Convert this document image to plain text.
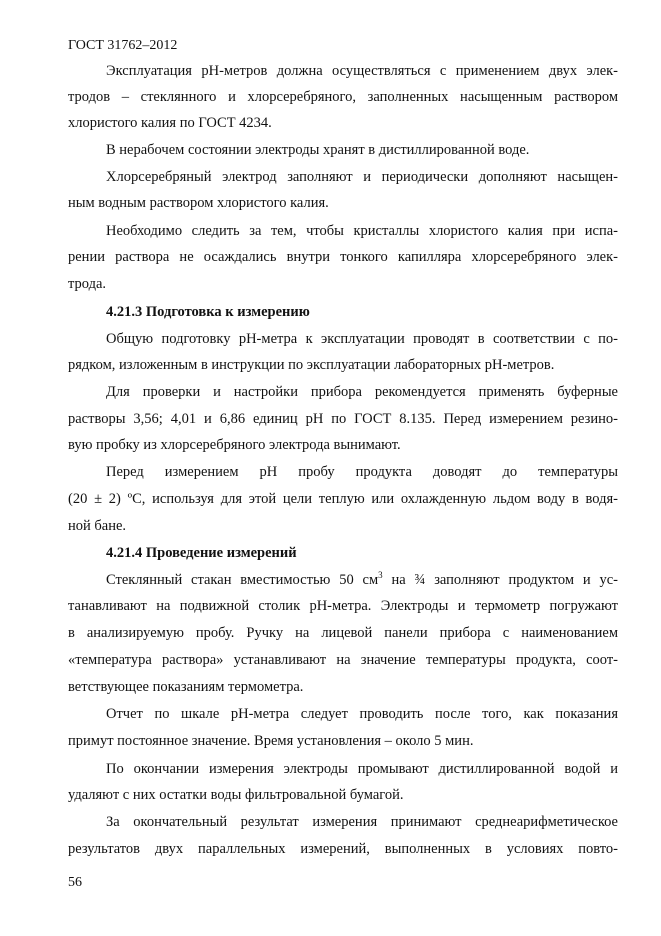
ГОСТ 31762–2012
Эксплуатация рН-метров должна осуществляться с применением двух элек-
тродов – стеклянного и хлорсеребряного, заполненных насыщенным раствором
хлористого калия по ГОСТ 4234.
В нерабочем состоянии электроды хранят в дистиллированной воде.
Хлорсеребряный электрод заполняют и периодически дополняют насыщен-
ным водным раствором хлористого калия.
Необходимо следить за тем, чтобы кристаллы хлористого калия при испа-
рении раствора не осаждались внутри тонкого капилляра хлорсеребряного элек-
трода.
4.21.3 Подготовка к измерению
Общую подготовку рН-метра к эксплуатации проводят в соответствии с по-
рядком, изложенным в инструкции по эксплуатации лабораторных рН-метров.
Для проверки и настройки прибора рекомендуется применять буферные
растворы 3,56; 4,01 и 6,86 единиц рН по ГОСТ 8.135. Перед измерением резино-
вую пробку из хлорсеребряного электрода вынимают.
Перед измерением рН пробу продукта доводят до температуры
(20 ± 2) ºС, используя для этой цели теплую или охлажденную льдом воду в водя-
ной бане.
4.21.4 Проведение измерений
Стеклянный стакан вместимостью 50 $см^3$ на ¾ заполняют продуктом и ус-
танавливают на подвижной столик рН-метра. Электроды и термометр погружают
в анализируемую пробу. Ручку на лицевой панели прибора с наименованием
«температура раствора» устанавливают на значение температуры продукта, соот-
ветствующее показаниям термометра.
Отчет по шкале рН-метра следует проводить после того, как показания
примут постоянное значение. Время установления – около 5 мин.
По окончании измерения электроды промывают дистиллированной водой и
удаляют с них остатки воды фильтровальной бумагой.
За окончательный результат измерения принимают среднеарифметическое
результатов двух параллельных измерений, выполненных в условиях повто-
56
